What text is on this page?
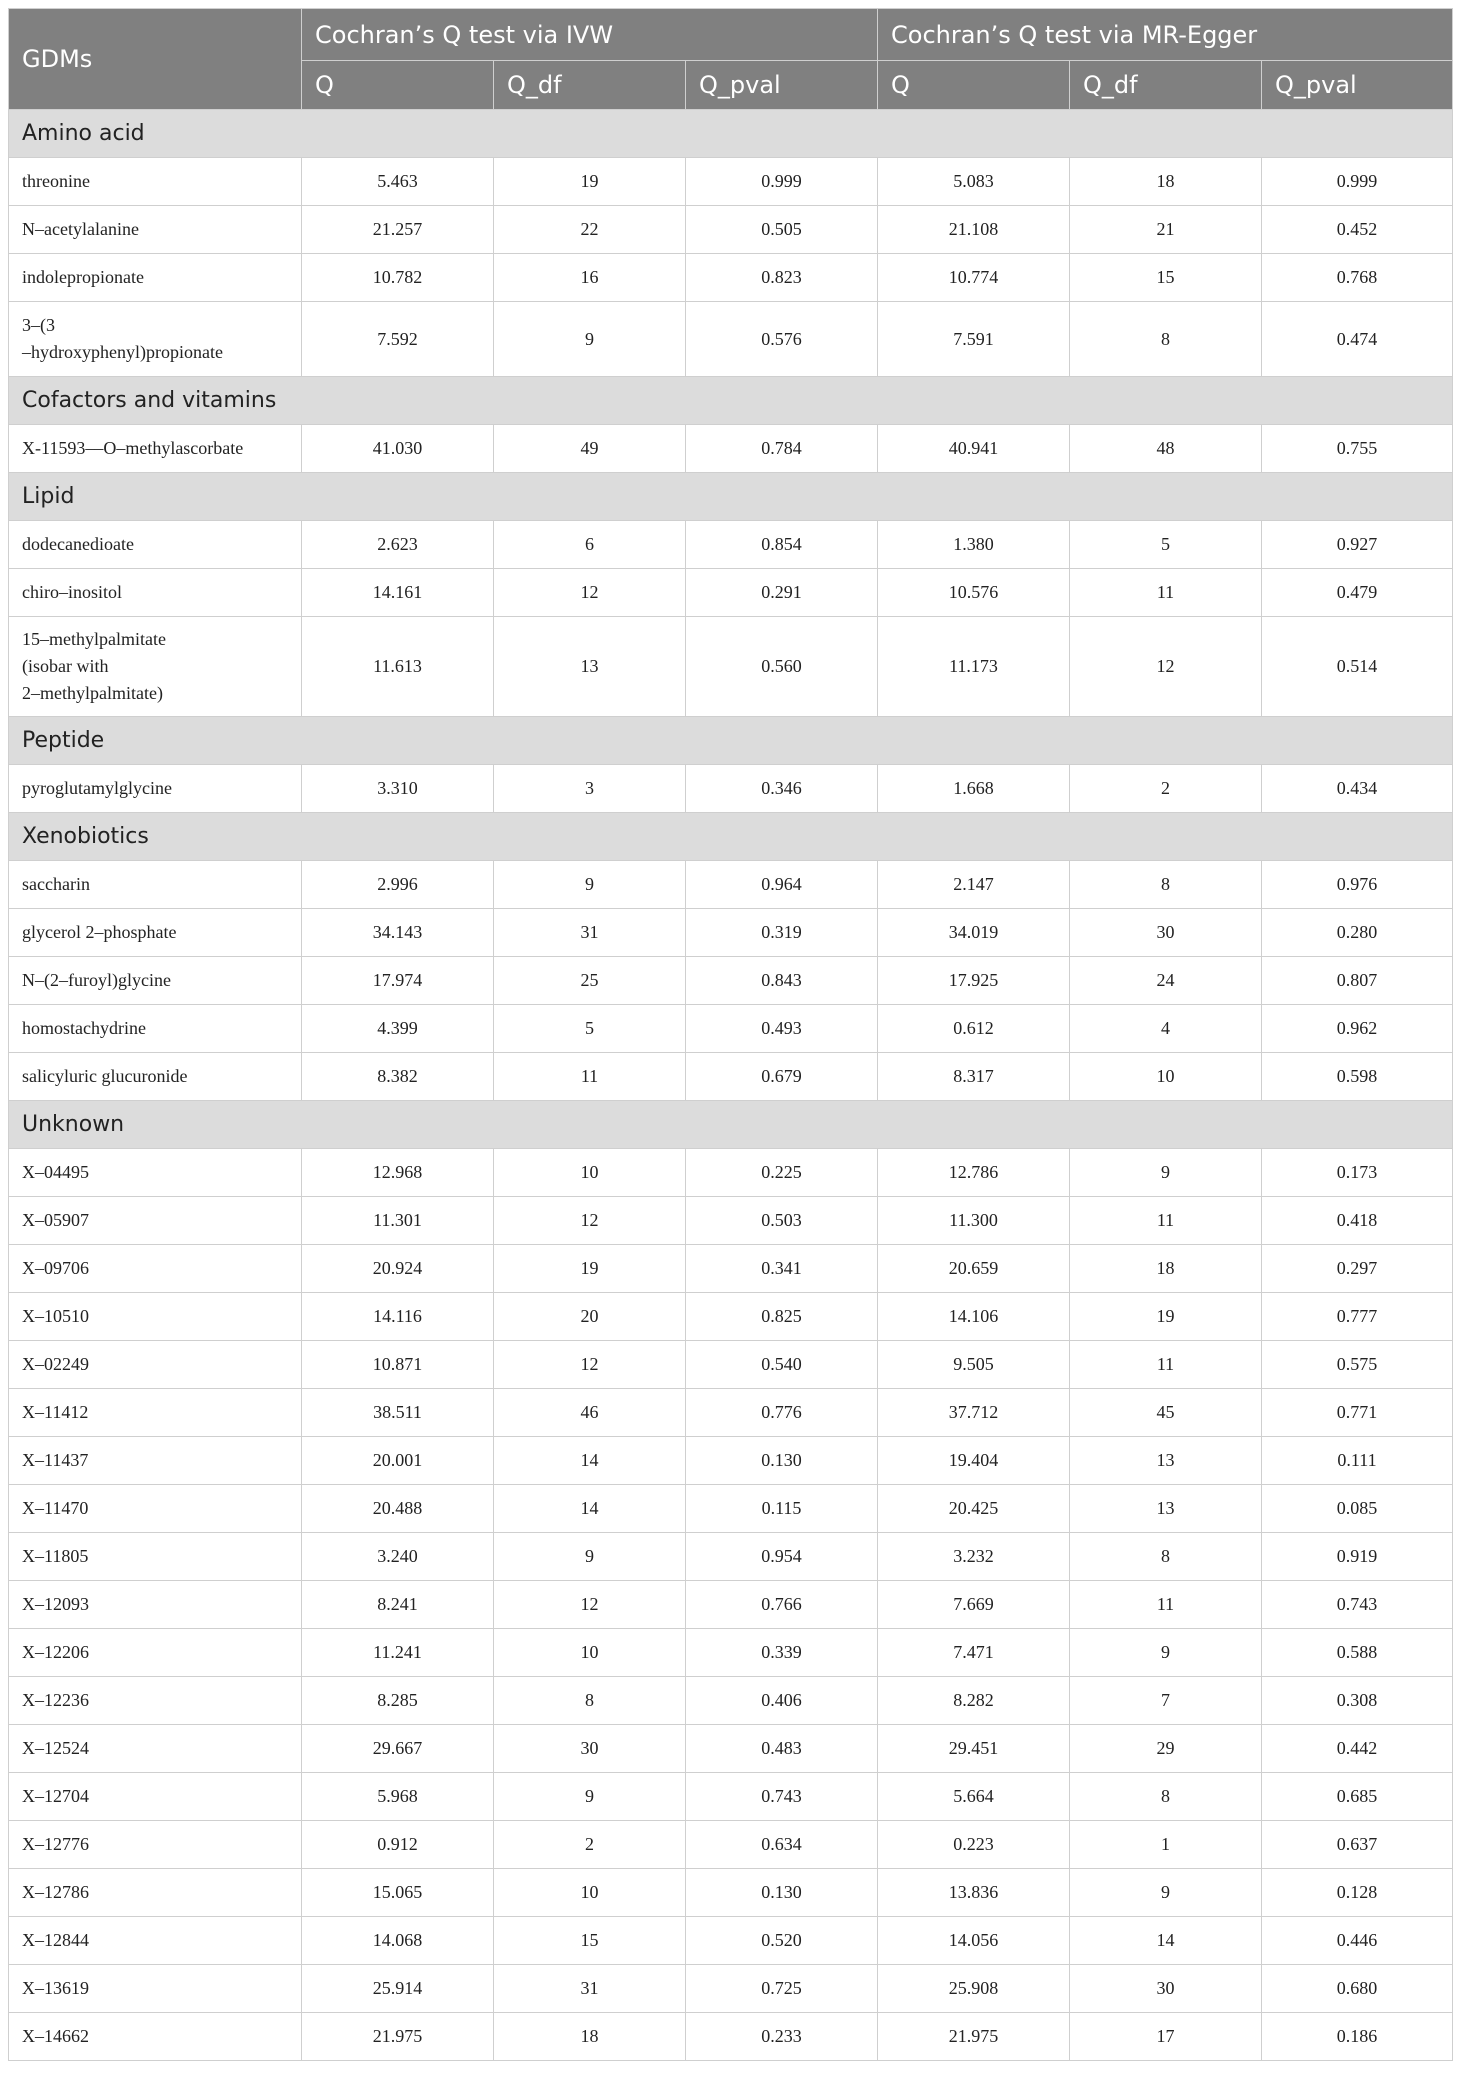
GDMs	Cochran’s Q test via IVW			Cochran’s Q test via MR-Egger		
	Q	Q_df	Q_pval	Q	Q_df	Q_pval
Amino acid						
threonine	5.463	19	0.999	5.083	18	0.999
N–acetylalanine	21.257	22	0.505	21.108	21	0.452
indolepropionate	10.782	16	0.823	10.774	15	0.768
3–(3
–hydroxyphenyl)propionate	7.592	9	0.576	7.591	8	0.474
Cofactors and vitamins						
X-11593––O–methylascorbate	41.030	49	0.784	40.941	48	0.755
Lipid						
dodecanedioate	2.623	6	0.854	1.380	5	0.927
chiro–inositol	14.161	12	0.291	10.576	11	0.479
15–methylpalmitate
(isobar with
2–methylpalmitate)	11.613	13	0.560	11.173	12	0.514
Peptide						
pyroglutamylglycine	3.310	3	0.346	1.668	2	0.434
Xenobiotics						
saccharin	2.996	9	0.964	2.147	8	0.976
glycerol 2–phosphate	34.143	31	0.319	34.019	30	0.280
N–(2–furoyl)glycine	17.974	25	0.843	17.925	24	0.807
homostachydrine	4.399	5	0.493	0.612	4	0.962
salicyluric glucuronide	8.382	11	0.679	8.317	10	0.598
Unknown						
X–04495	12.968	10	0.225	12.786	9	0.173
X–05907	11.301	12	0.503	11.300	11	0.418
X–09706	20.924	19	0.341	20.659	18	0.297
X–10510	14.116	20	0.825	14.106	19	0.777
X–02249	10.871	12	0.540	9.505	11	0.575
X–11412	38.511	46	0.776	37.712	45	0.771
X–11437	20.001	14	0.130	19.404	13	0.111
X–11470	20.488	14	0.115	20.425	13	0.085
X–11805	3.240	9	0.954	3.232	8	0.919
X–12093	8.241	12	0.766	7.669	11	0.743
X–12206	11.241	10	0.339	7.471	9	0.588
X–12236	8.285	8	0.406	8.282	7	0.308
X–12524	29.667	30	0.483	29.451	29	0.442
X–12704	5.968	9	0.743	5.664	8	0.685
X–12776	0.912	2	0.634	0.223	1	0.637
X–12786	15.065	10	0.130	13.836	9	0.128
X–12844	14.068	15	0.520	14.056	14	0.446
X–13619	25.914	31	0.725	25.908	30	0.680
X–14662	21.975	18	0.233	21.975	17	0.186
